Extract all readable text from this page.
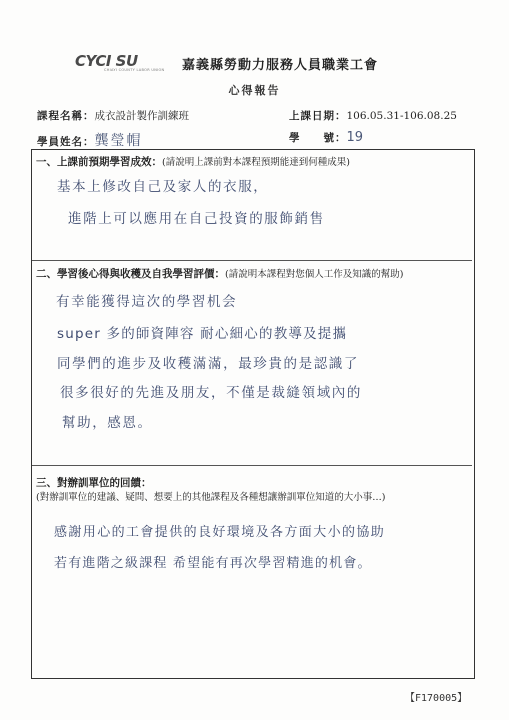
CYCI SU
CHIAYI COUNTY LABOR UNION 嘉義縣勞動力服務人員職業工會
心得報告
課程名稱：成衣設計製作訓練班	上課日期：106.05.31-106.08.25
學員姓名：龔瑩帽	學　　號：19
一、上課前預期學習成效：(請說明上課前對本課程預期能達到何種成果)
基本上修改自己及家人的衣服，
進階上可以應用在自己投資的服飾銷售
二、學習後心得與收穫及自我學習評價：(請說明本課程對您個人工作及知識的幫助)
有幸能獲得這次的學習机会
super 多的師資陣容 耐心細心的教導及提攜
同學們的進步及收穫滿滿，最珍貴的是認識了
很多很好的先進及朋友，不僅是裁縫領域內的
幫助，感恩。
三、對辦訓單位的回饋：
(對辦訓單位的建議、疑問、想要上的其他課程及各種想讓辦訓單位知道的大小事…)
感謝用心的工會提供的良好環境及各方面大小的協助
若有進階之級課程 希望能有再次學習精進的机會。
【F170005】
